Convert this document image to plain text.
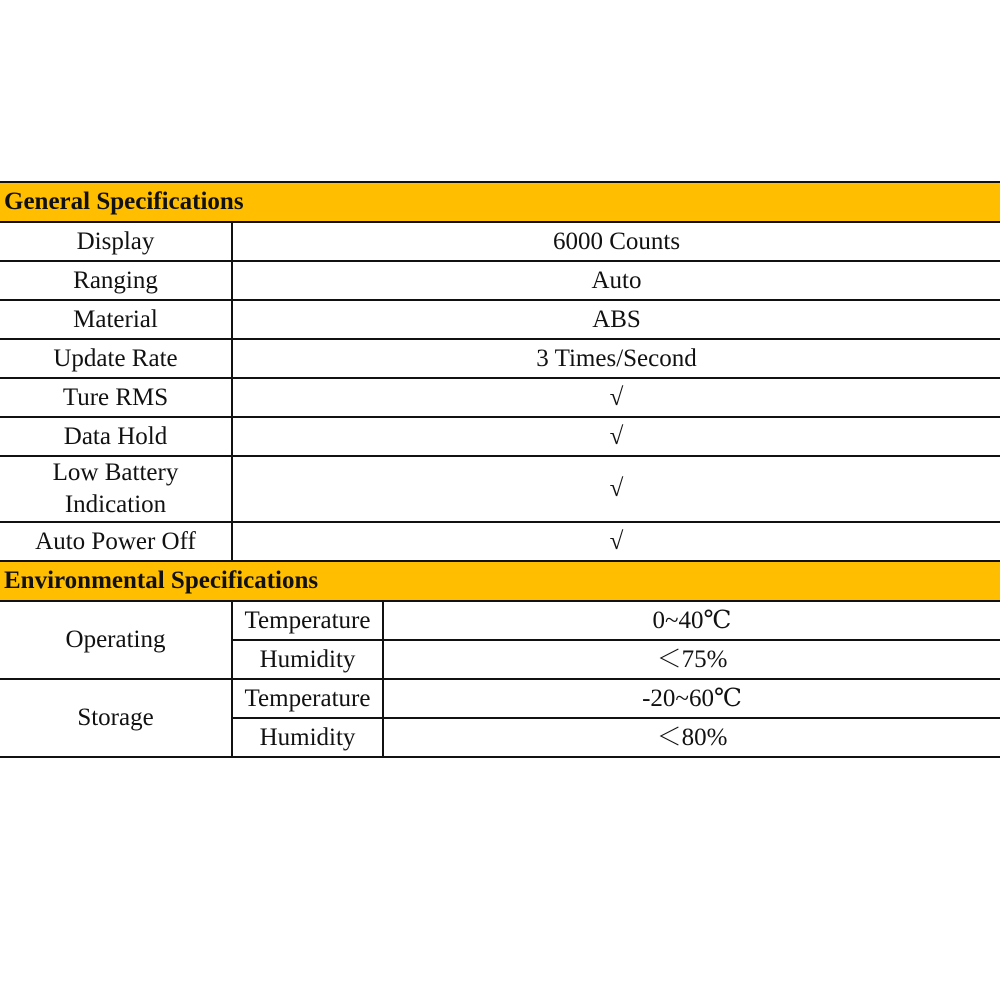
General Specifications		
Display	6000 Counts	
Ranging	Auto	
Material	ABS	
Update Rate	3 Times/Second	
Ture RMS	√	
Data Hold	√	
Low Battery Indication	√	
Auto Power Off	√	
Environmental Specifications		
Operating	Temperature	0~40℃
	Humidity	＜75%
Storage	Temperature	-20~60℃
	Humidity	＜80%
